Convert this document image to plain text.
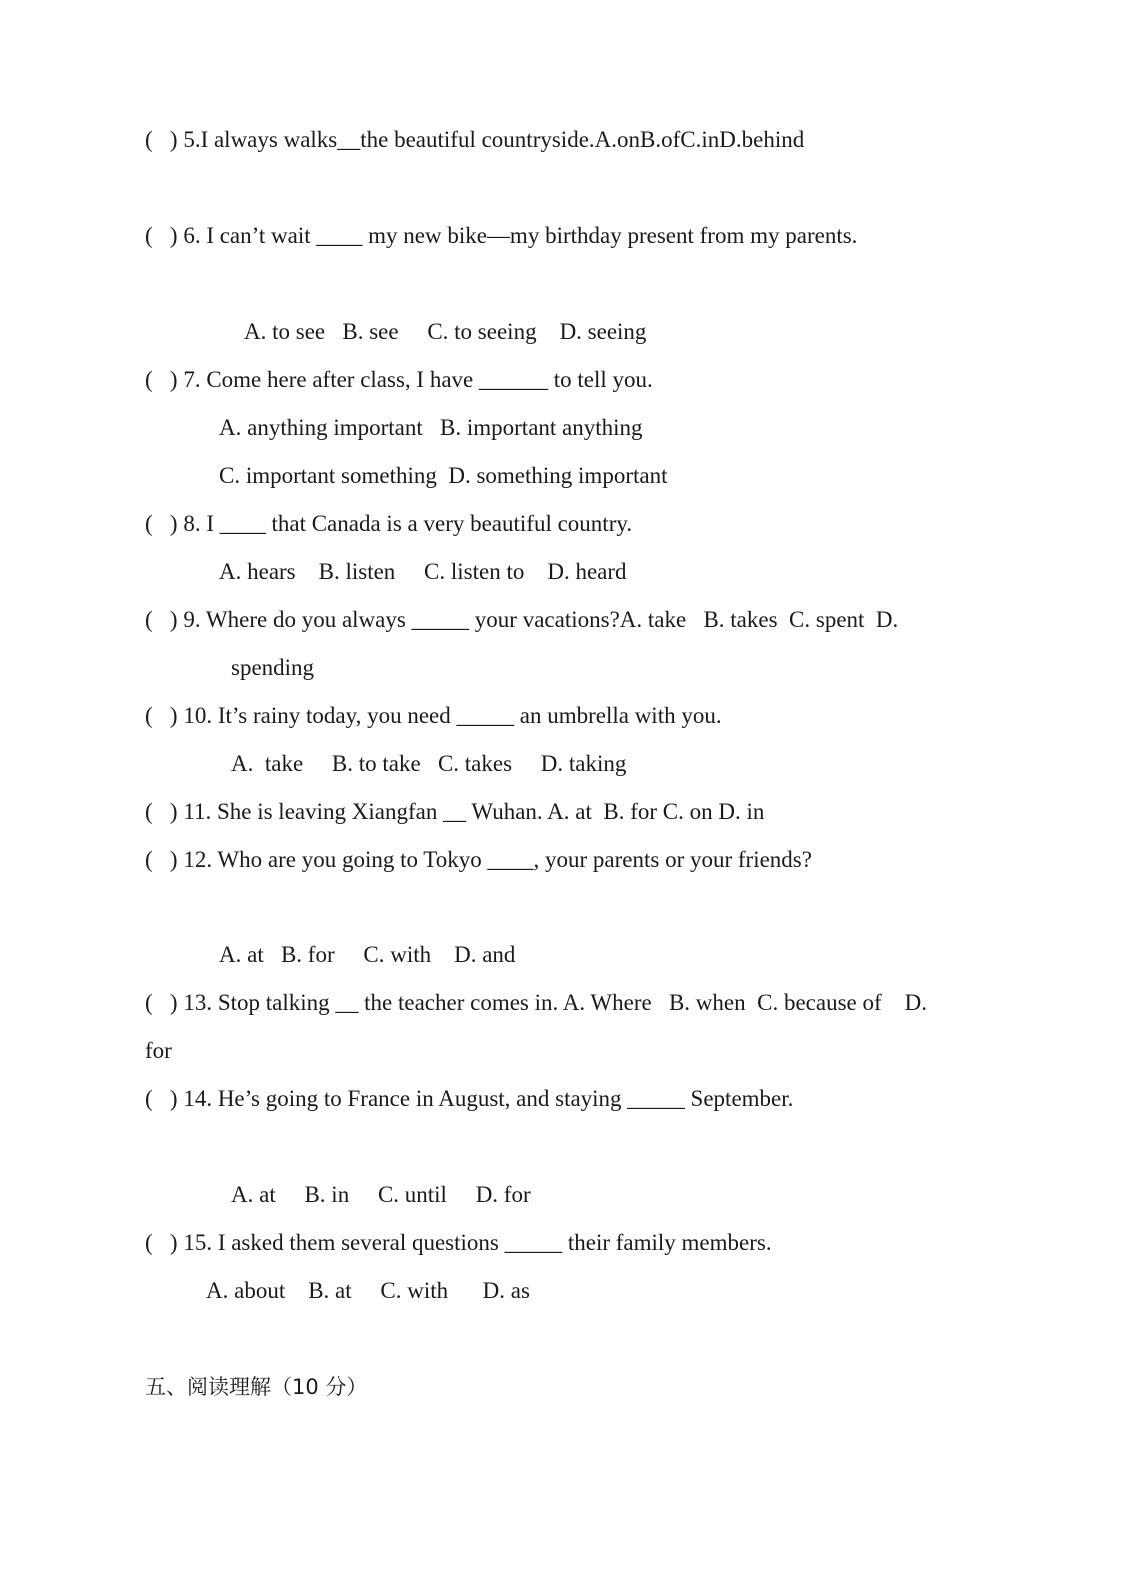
(   ) 5.I always walks__the beautiful countryside.A.onB.ofC.inD.behind
(   ) 6. I can’t wait ____ my new bike—my birthday present from my parents.
A. to see   B. see     C. to seeing    D. seeing
(   ) 7. Come here after class, I have ______ to tell you.
A. anything important   B. important anything
C. important something  D. something important
(   ) 8. I ____ that Canada is a very beautiful country.
A. hears    B. listen     C. listen to    D. heard
(   ) 9. Where do you always _____ your vacations?A. take   B. takes  C. spent  D.
spending
(   ) 10. It’s rainy today, you need _____ an umbrella with you.
A.  take     B. to take   C. takes     D. taking
(   ) 11. She is leaving Xiangfan __ Wuhan. A. at  B. for C. on D. in
(   ) 12. Who are you going to Tokyo ____, your parents or your friends?
A. at   B. for     C. with    D. and
(   ) 13. Stop talking __ the teacher comes in. A. Where   B. when  C. because of    D.
for
(   ) 14. He’s going to France in August, and staying _____ September.
A. at     B. in     C. until     D. for
(   ) 15. I asked them several questions _____ their family members.
A. about    B. at     C. with      D. as
五、阅读理解（10 分）
